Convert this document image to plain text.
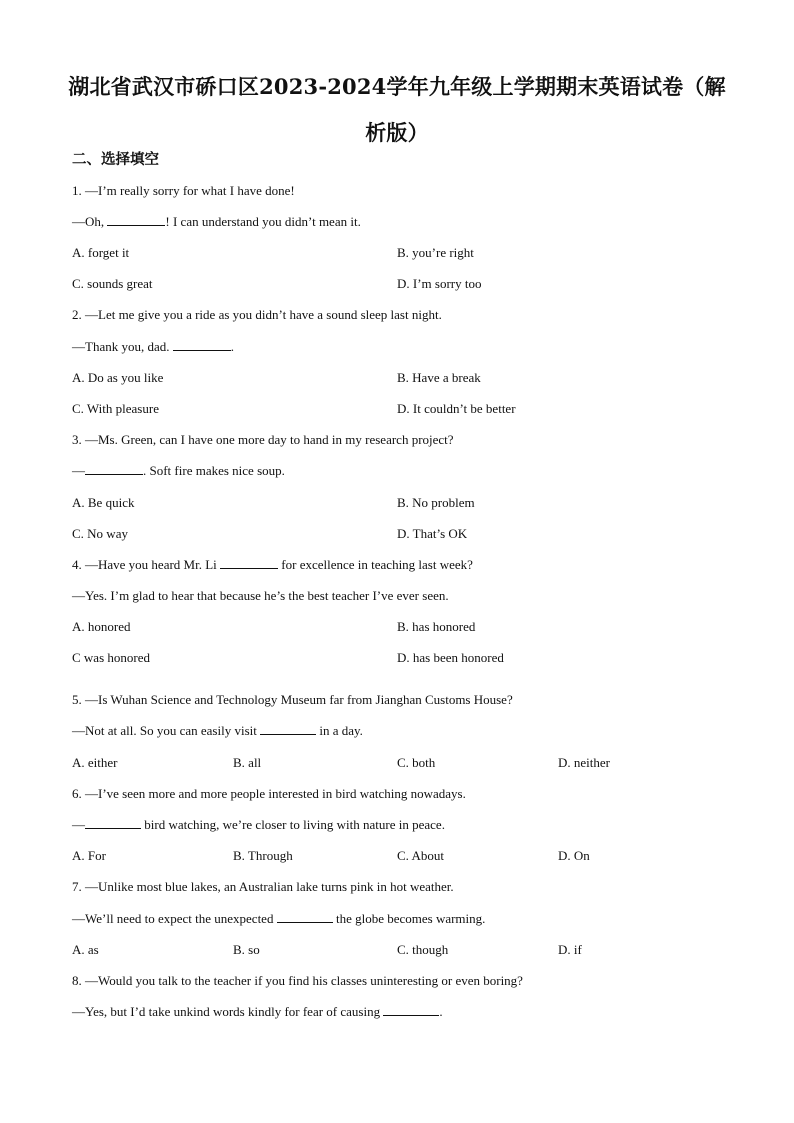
湖北省武汉市硚口区2023-2024学年九年级上学期期末英语试卷（解
析版）
二、选择填空
1. —I’m really sorry for what I have done!
—Oh,	! I can understand you didn’t mean it.
A. forget it	B. you’re right
C. sounds great	D. I’m sorry too
2. —Let me give you a ride as you didn’t have a sound sleep last night.
—Thank you, dad.	.
A. Do as you like	B. Have a break
C. With pleasure	D. It couldn’t be better
3. —Ms. Green, can I have one more day to hand in my research project?
—	. Soft fire makes nice soup.
A. Be quick	B. No problem
C. No way	D. That’s OK
4. —Have you heard Mr. Li	for excellence in teaching last week?
—Yes. I’m glad to hear that because he’s the best teacher I’ve ever seen.
A. honored	B. has honored
C was honored	D. has been honored
5. —Is Wuhan Science and Technology Museum far from Jianghan Customs House?
—Not at all. So you can easily visit	in a day.
A. either	B. all	C. both	D. neither
6. —I’ve seen more and more people interested in bird watching nowadays.
—	bird watching, we’re closer to living with nature in peace.
A. For	B. Through	C. About	D. On
7. —Unlike most blue lakes, an Australian lake turns pink in hot weather.
—We’ll need to expect the unexpected	the globe becomes warming.
A. as	B. so	C. though	D. if
8. —Would you talk to the teacher if you find his classes uninteresting or even boring?
—Yes, but I’d take unkind words kindly for fear of causing	.
